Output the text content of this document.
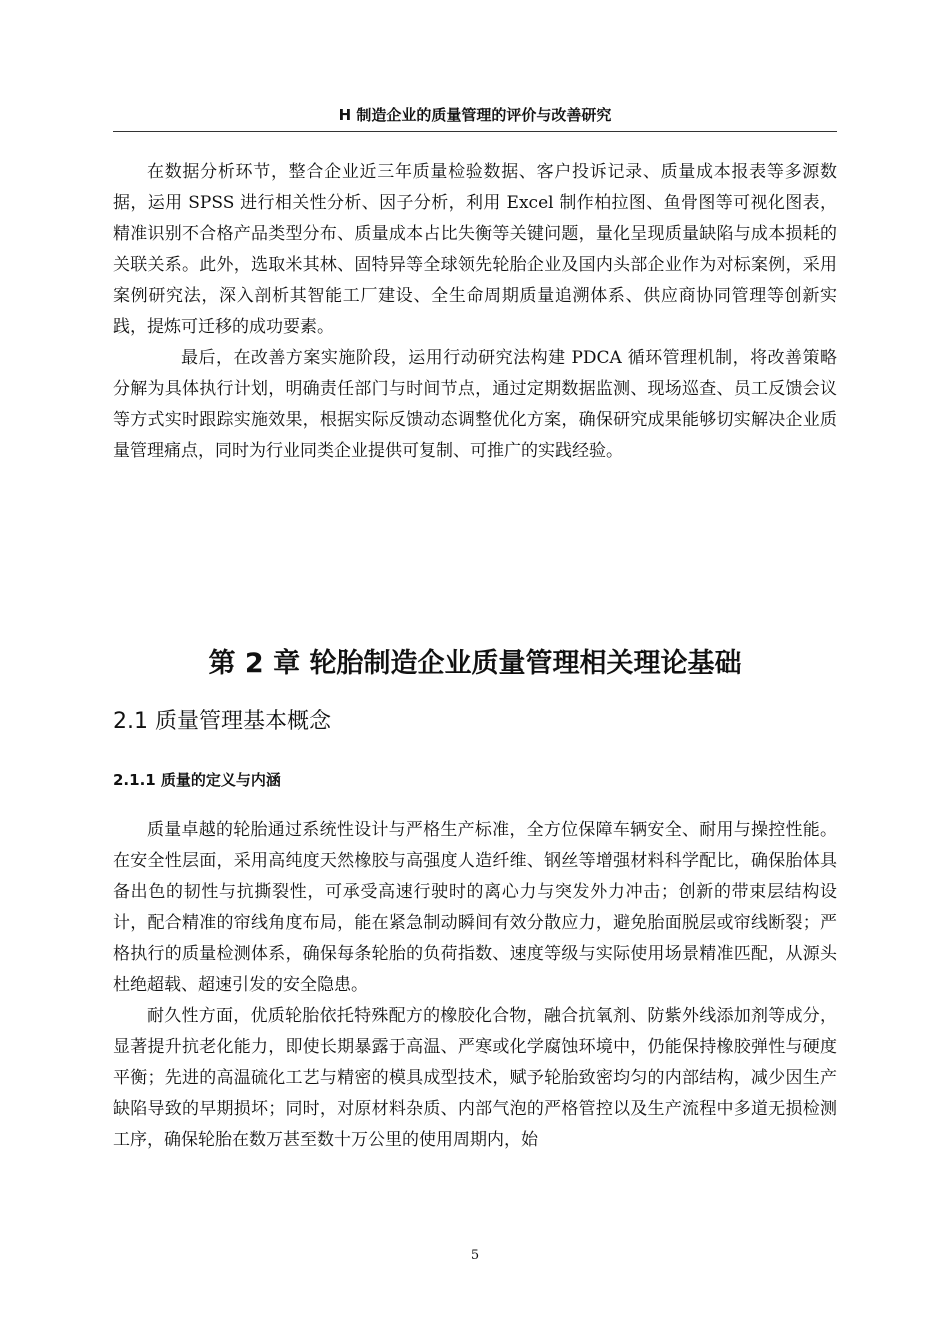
H 制造企业的质量管理的评价与改善研究

在数据分析环节，整合企业近三年质量检验数据、客户投诉记录、质量成本报表等多源数据，运用 SPSS 进行相关性分析、因子分析，利用 Excel 制作柏拉图、鱼骨图等可视化图表，精准识别不合格产品类型分布、质量成本占比失衡等关键问题，量化呈现质量缺陷与成本损耗的关联关系。此外，选取米其林、固特异等全球领先轮胎企业及国内头部企业作为对标案例，采用案例研究法，深入剖析其智能工厂建设、全生命周期质量追溯体系、供应商协同管理等创新实践，提炼可迁移的成功要素。

最后，在改善方案实施阶段，运用行动研究法构建 PDCA 循环管理机制，将改善策略分解为具体执行计划，明确责任部门与时间节点，通过定期数据监测、现场巡查、员工反馈会议等方式实时跟踪实施效果，根据实际反馈动态调整优化方案，确保研究成果能够切实解决企业质量管理痛点，同时为行业同类企业提供可复制、可推广的实践经验。

第 2 章 轮胎制造企业质量管理相关理论基础
2.1 质量管理基本概念
2.1.1 质量的定义与内涵

质量卓越的轮胎通过系统性设计与严格生产标准，全方位保障车辆安全、耐用与操控性能。在安全性层面，采用高纯度天然橡胶与高强度人造纤维、钢丝等增强材料科学配比，确保胎体具备出色的韧性与抗撕裂性，可承受高速行驶时的离心力与突发外力冲击；创新的带束层结构设计，配合精准的帘线角度布局，能在紧急制动瞬间有效分散应力，避免胎面脱层或帘线断裂；严格执行的质量检测体系，确保每条轮胎的负荷指数、速度等级与实际使用场景精准匹配，从源头杜绝超载、超速引发的安全隐患。

耐久性方面，优质轮胎依托特殊配方的橡胶化合物，融合抗氧剂、防紫外线添加剂等成分，显著提升抗老化能力，即使长期暴露于高温、严寒或化学腐蚀环境中，仍能保持橡胶弹性与硬度平衡；先进的高温硫化工艺与精密的模具成型技术，赋予轮胎致密均匀的内部结构，减少因生产缺陷导致的早期损坏；同时，对原材料杂质、内部气泡的严格管控以及生产流程中多道无损检测工序，确保轮胎在数万甚至数十万公里的使用周期内，始

5
